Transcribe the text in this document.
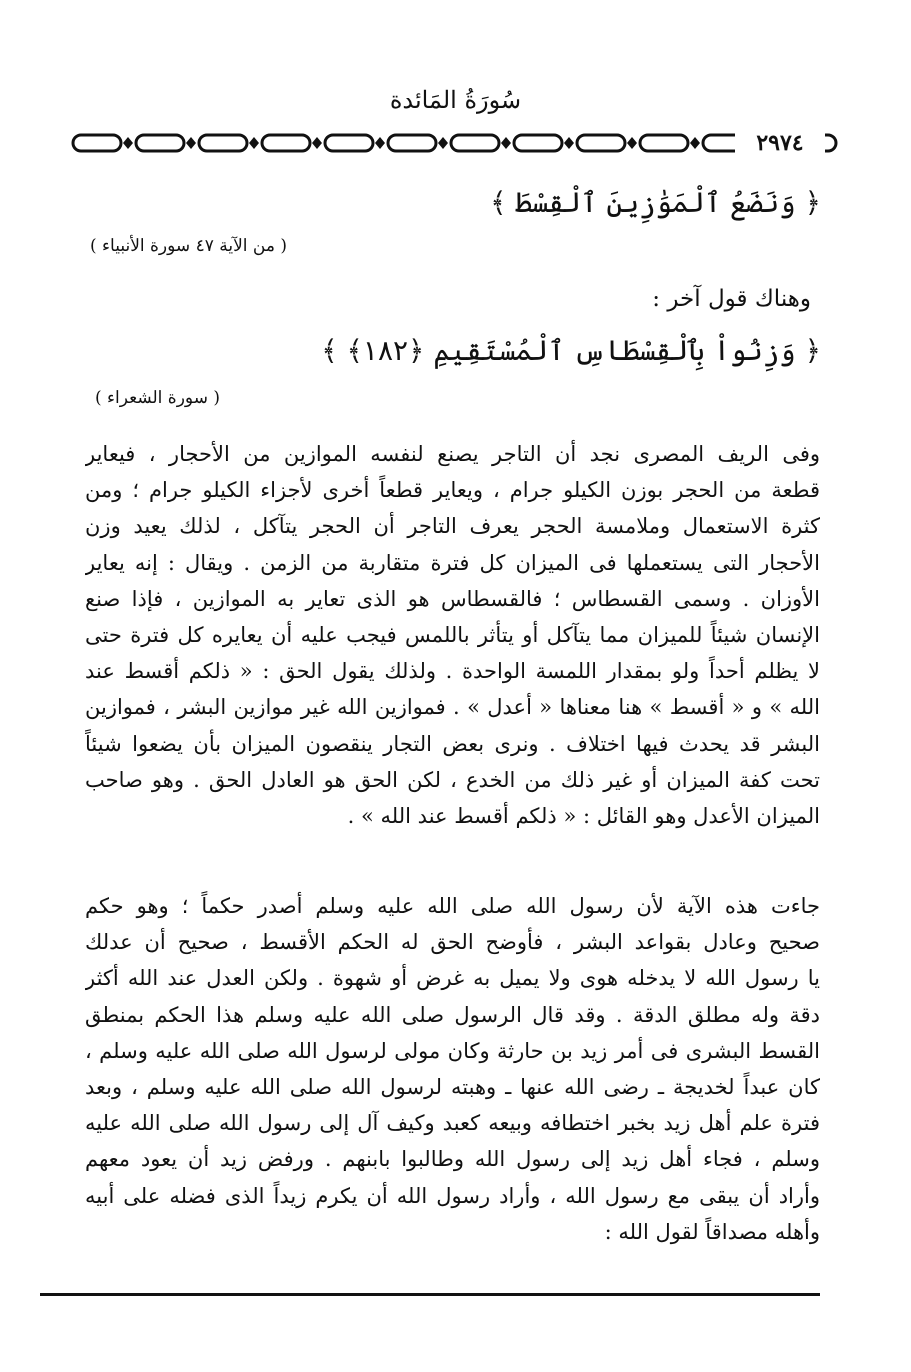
سُورَةُ المَائدة
٢٩٧٤
﴿ وَنَضَعُ ٱلْمَوَٰزِينَ ٱلْقِسْطَ ﴾
( من الآية ٤٧ سورة الأنبياء )
وهناك قول آخر :
﴿ وَزِنُواْ بِٱلْقِسْطَاسِ ٱلْمُسْتَقِيمِ ﴿١٨٢﴾ ﴾
( سورة الشعراء )
وفى الريف المصرى نجد أن التاجر يصنع لنفسه الموازين من الأحجار ، فيعاير
قطعة من الحجر بوزن الكيلو جرام ، ويعاير قطعاً أخرى لأجزاء الكيلو جرام ؛ ومن
كثرة الاستعمال وملامسة الحجر يعرف التاجر أن الحجر يتآكل ، لذلك يعيد وزن
الأحجار التى يستعملها فى الميزان كل فترة متقاربة من الزمن . ويقال : إنه يعاير
الأوزان . وسمى القسطاس ؛ فالقسطاس هو الذى تعاير به الموازين ، فإذا صنع
الإنسان شيئاً للميزان مما يتآكل أو يتأثر باللمس فيجب عليه أن يعايره كل فترة حتى
لا يظلم أحداً ولو بمقدار اللمسة الواحدة . ولذلك يقول الحق : « ذلكم أقسط عند
الله » و « أقسط » هنا معناها « أعدل » . فموازين الله غير موازين البشر ، فموازين
البشر قد يحدث فيها اختلاف . ونرى بعض التجار ينقصون الميزان بأن يضعوا شيئاً
تحت كفة الميزان أو غير ذلك من الخدع ، لكن الحق هو العادل الحق . وهو صاحب
الميزان الأعدل وهو القائل : « ذلكم أقسط عند الله » .
جاءت هذه الآية لأن رسول الله صلى الله عليه وسلم أصدر حكماً ؛ وهو حكم
صحيح وعادل بقواعد البشر ، فأوضح الحق له الحكم الأقسط ، صحيح أن عدلك
يا رسول الله لا يدخله هوى ولا يميل به غرض أو شهوة . ولكن العدل عند الله أكثر
دقة وله مطلق الدقة . وقد قال الرسول صلى الله عليه وسلم هذا الحكم بمنطق
القسط البشرى فى أمر زيد بن حارثة وكان مولى لرسول الله صلى الله عليه وسلم ،
كان عبداً لخديجة ـ رضى الله عنها ـ وهبته لرسول الله صلى الله عليه وسلم ، وبعد
فترة علم أهل زيد بخبر اختطافه وبيعه كعبد وكيف آل إلى رسول الله صلى الله عليه
وسلم ، فجاء أهل زيد إلى رسول الله وطالبوا بابنهم . ورفض زيد أن يعود معهم
وأراد أن يبقى مع رسول الله ، وأراد رسول الله أن يكرم زيداً الذى فضله على أبيه
وأهله مصداقاً لقول الله :
